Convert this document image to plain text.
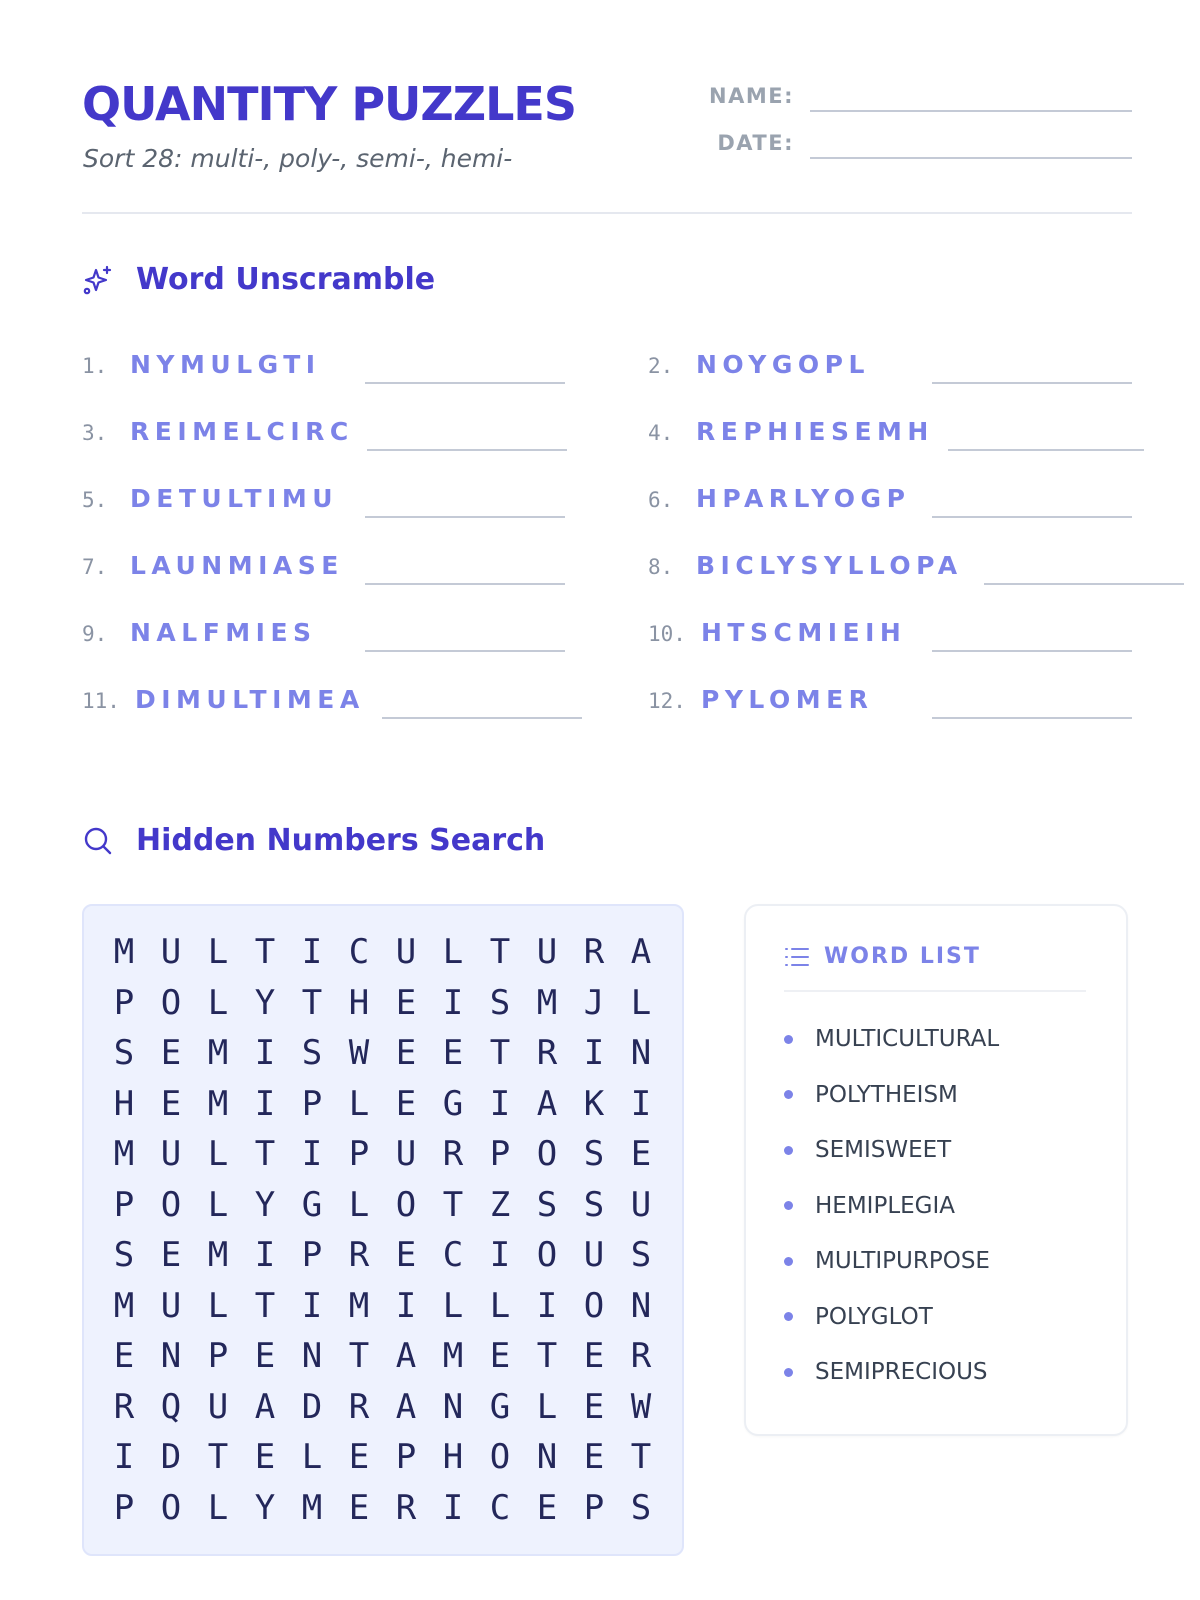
QUANTITY PUZZLES
Sort 28: multi-, poly-, semi-, hemi-
NAME:
DATE:
Word Unscramble
1. NYMULGTI
3. REIMELCIRC
5. DETULTIMU
7. LAUNMIASE
9. NALFMIES
11. DIMULTIMEA
2. NOYGOPL
4. REPHIESEMH
6. HPARLYOGP
8. BICLYSYLLOPA
10. HTSCMIEIH
12. PYLOMER
Hidden Numbers Search
M U L T I C U L T U R A
P O L Y T H E I S M J L
S E M I S W E E T R I N
H E M I P L E G I A K I
M U L T I P U R P O S E
P O L Y G L O T Z S S U
S E M I P R E C I O U S
M U L T I M I L L I O N
E N P E N T A M E T E R
R Q U A D R A N G L E W
I D T E L E P H O N E T
P O L Y M E R I C E P S
WORD LIST
MULTICULTURAL
POLYTHEISM
SEMISWEET
HEMIPLEGIA
MULTIPURPOSE
POLYGLOT
SEMIPRECIOUS
